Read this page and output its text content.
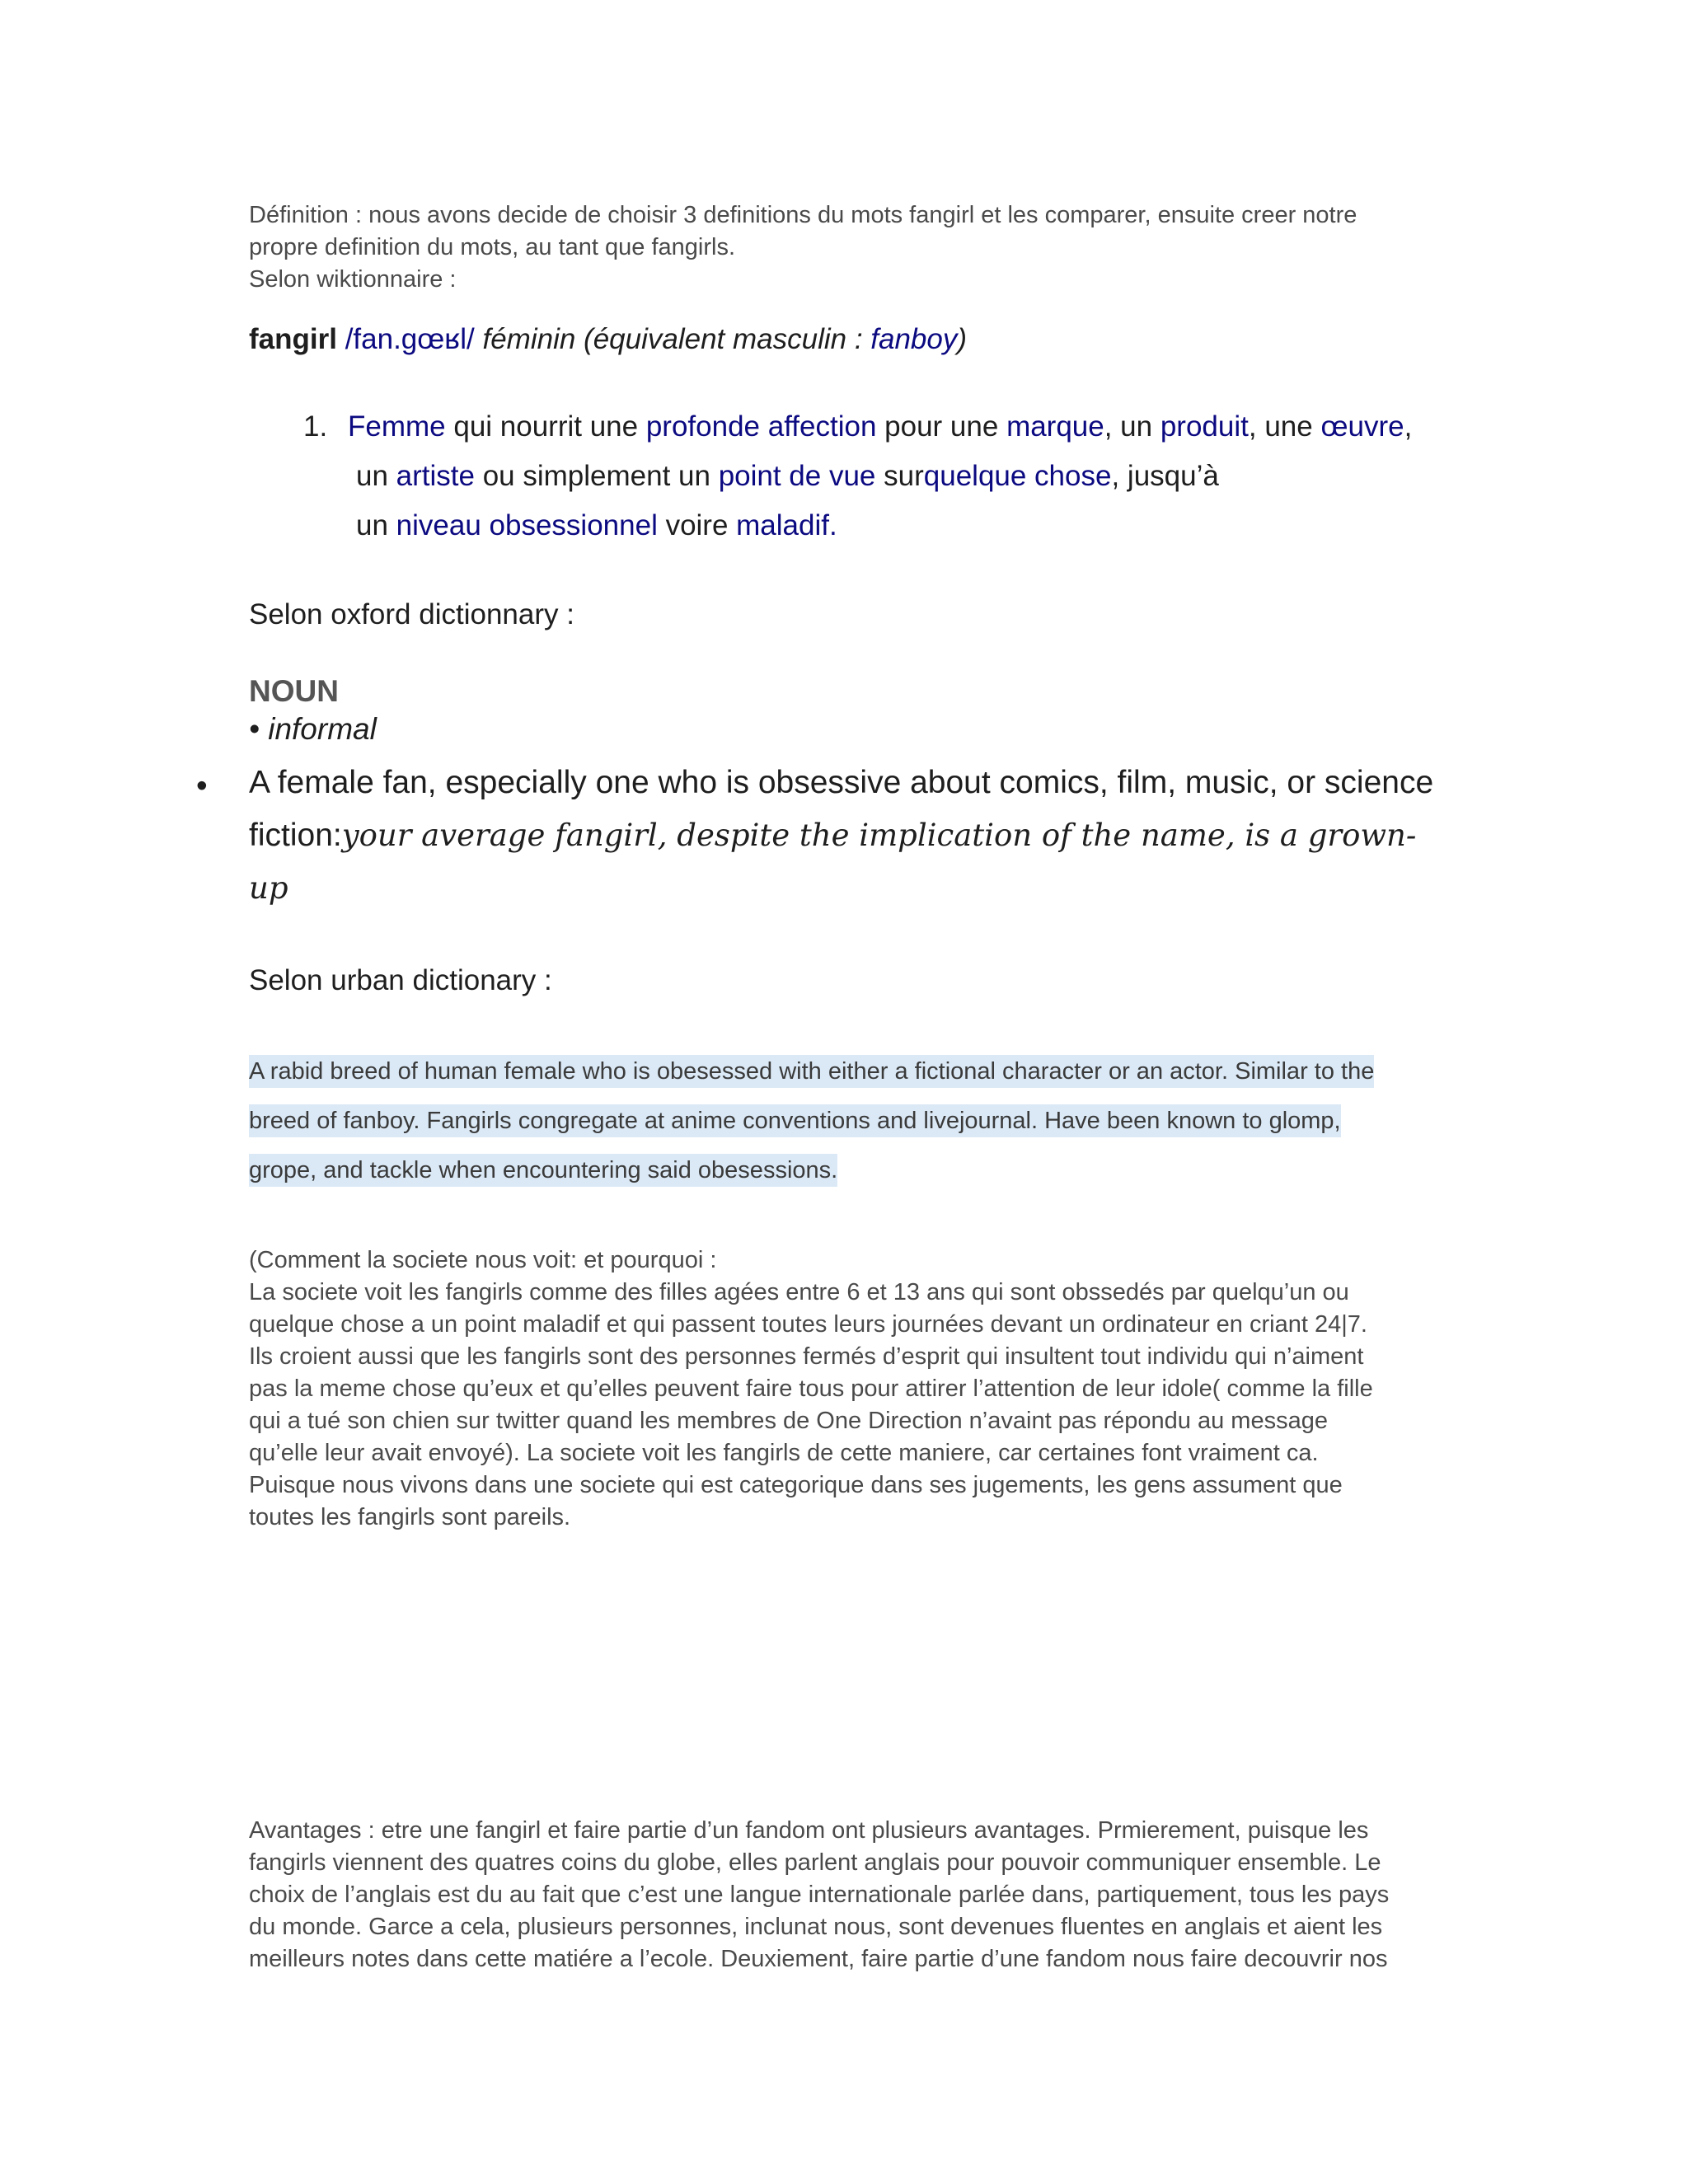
Définition : nous avons decide de choisir 3 definitions du mots fangirl et les comparer, ensuite creer notre

propre definition du mots, au tant que fangirls.

Selon wiktionnaire :

fangirl /fan.gœʁl/ féminin (équivalent masculin : fanboy)
1. Femme qui nourrit une profonde affection pour une marque, un produit, une œuvre,
un artiste ou simplement un point de vue surquelque chose, jusqu’à
un niveau obsessionnel voire maladif.
Selon oxford dictionnary :
NOUN
• informal
• A female fan, especially one who is obsessive about comics, film, music, or science fiction:your average fangirl, despite the implication of the name, is a grown-up
Selon urban dictionary :
A rabid breed of human female who is obesessed with either a fictional character or an actor. Similar to the
breed of fanboy. Fangirls congregate at anime conventions and livejournal. Have been known to glomp,
grope, and tackle when encountering said obesessions.

(Comment la societe nous voit: et pourquoi :

La societe voit les fangirls comme des filles agées entre 6 et 13 ans qui sont obssedés par quelqu’un ou

quelque chose a un point maladif et qui passent toutes leurs journées devant un ordinateur en criant 24|7.

Ils croient aussi que les fangirls sont des personnes fermés d’esprit qui insultent tout individu qui n’aiment

pas la meme chose qu’eux et qu’elles peuvent faire tous pour attirer l’attention de leur idole( comme la fille

qui a tué son chien sur twitter quand les membres de One Direction n’avaint pas répondu au message

qu’elle leur avait envoyé). La societe voit les fangirls de cette maniere, car certaines font vraiment ca.

Puisque nous vivons dans une societe qui est categorique dans ses jugements, les gens assument que

toutes les fangirls sont pareils.

Avantages : etre une fangirl et faire partie d’un fandom ont plusieurs avantages. Prmierement, puisque les

fangirls viennent des quatres coins du globe, elles parlent anglais pour pouvoir communiquer ensemble. Le

choix de l’anglais est du au fait que c’est une langue internationale parlée dans, partiquement, tous les pays

du monde. Garce a cela, plusieurs personnes, inclunat nous, sont devenues fluentes en anglais et aient les

meilleurs notes dans cette matiére a l’ecole. Deuxiement, faire partie d’une fandom nous faire decouvrir nos
